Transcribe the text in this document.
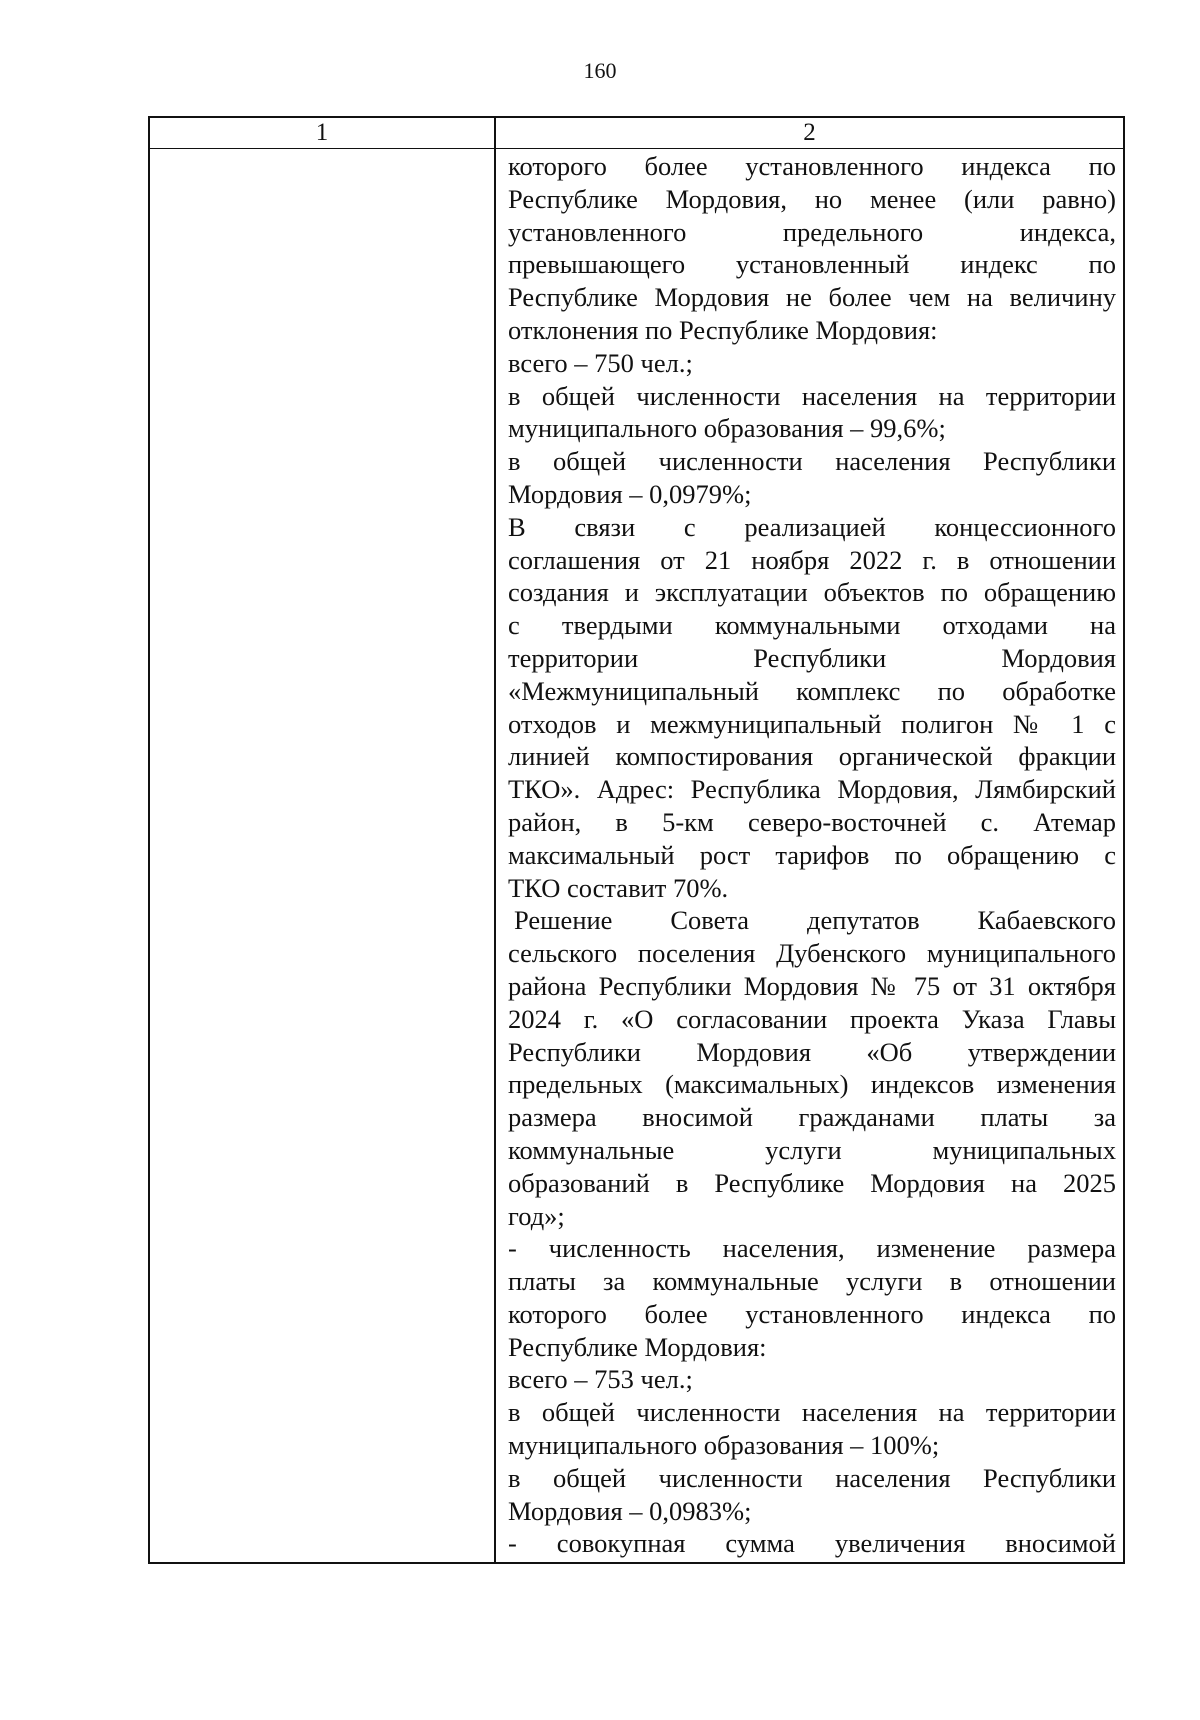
160
1	2
которого более установленного индекса по
Республике Мордовия, но менее (или равно)
установленного предельного индекса,
превышающего установленный индекс по
Республике Мордовия не более чем на величину
отклонения по Республике Мордовия:
всего – 750 чел.;
в общей численности населения на территории
муниципального образования – 99,6%;
в общей численности населения Республики
Мордовия – 0,0979%;
В связи с реализацией концессионного
соглашения от 21 ноября 2022 г. в отношении
создания и эксплуатации объектов по обращению
с твердыми коммунальными отходами на
территории Республики Мордовия
«Межмуниципальный комплекс по обработке
отходов и межмуниципальный полигон № 1 с
линией компостирования органической фракции
ТКО». Адрес: Республика Мордовия, Лямбирский
район, в 5-км северо-восточней с. Атемар
максимальный рост тарифов по обращению с
ТКО составит 70%.
Решение Совета депутатов Кабаевского
сельского поселения Дубенского муниципального
района Республики Мордовия № 75 от 31 октября
2024 г. «О согласовании проекта Указа Главы
Республики Мордовия «Об утверждении
предельных (максимальных) индексов изменения
размера вносимой гражданами платы за
коммунальные услуги муниципальных
образований в Республике Мордовия на 2025
год»;
- численность населения, изменение размера
платы за коммунальные услуги в отношении
которого более установленного индекса по
Республике Мордовия:
всего – 753 чел.;
в общей численности населения на территории
муниципального образования – 100%;
в общей численности населения Республики
Мордовия – 0,0983%;
- совокупная сумма увеличения вносимой
